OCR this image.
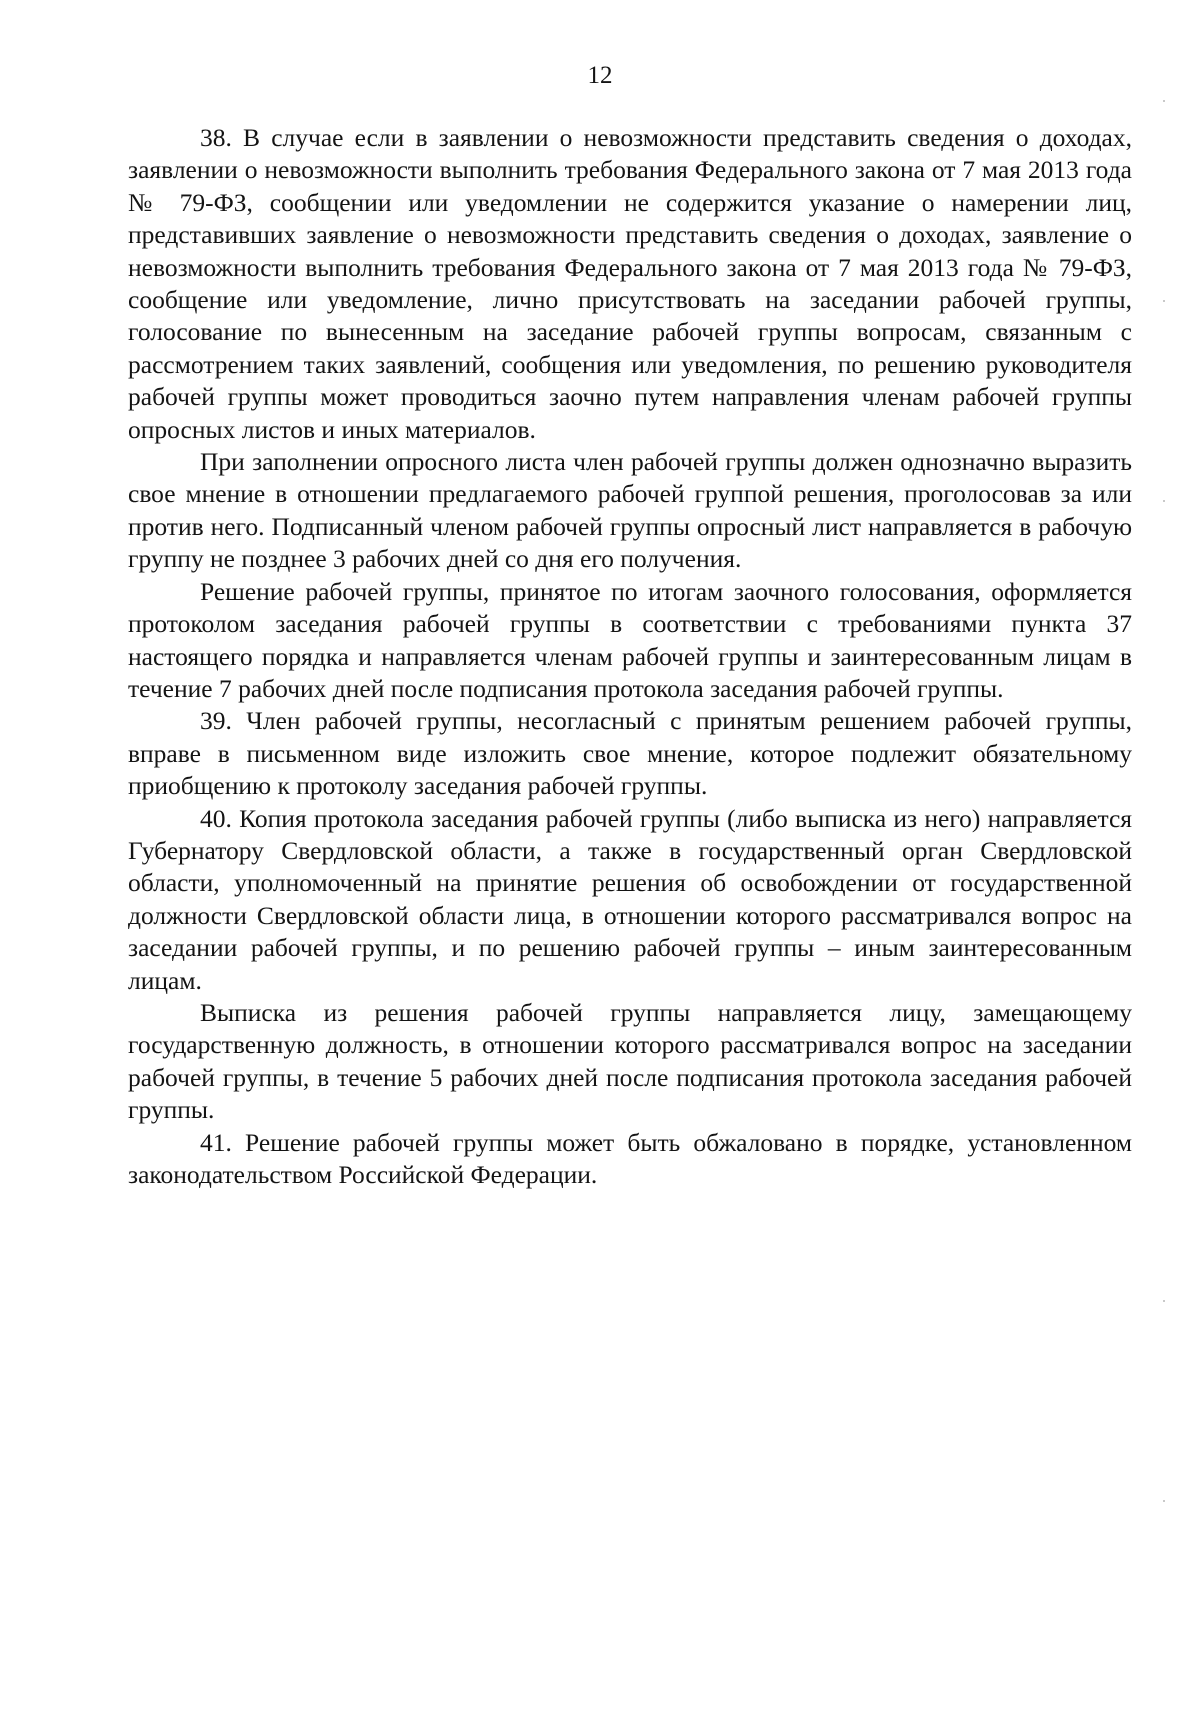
12

38. В случае если в заявлении о невозможности представить сведения о доходах, заявлении о невозможности выполнить требования Федерального закона от 7 мая 2013 года № 79-ФЗ, сообщении или уведомлении не содержится указание о намерении лиц, представивших заявление о невозможности представить сведения о доходах, заявление о невозможности выполнить требования Федерального закона от 7 мая 2013 года № 79-ФЗ, сообщение или уведомление, лично присутствовать на заседании рабочей группы, голосование по вынесенным на заседание рабочей группы вопросам, связанным с рассмотрением таких заявлений, сообщения или уведомления, по решению руководителя рабочей группы может проводиться заочно путем направления членам рабочей группы опросных листов и иных материалов.

При заполнении опросного листа член рабочей группы должен однозначно выразить свое мнение в отношении предлагаемого рабочей группой решения, проголосовав за или против него. Подписанный членом рабочей группы опросный лист направляется в рабочую группу не позднее 3 рабочих дней со дня его получения.

Решение рабочей группы, принятое по итогам заочного голосования, оформляется протоколом заседания рабочей группы в соответствии с требованиями пункта 37 настоящего порядка и направляется членам рабочей группы и заинтересованным лицам в течение 7 рабочих дней после подписания протокола заседания рабочей группы.

39. Член рабочей группы, несогласный с принятым решением рабочей группы, вправе в письменном виде изложить свое мнение, которое подлежит обязательному приобщению к протоколу заседания рабочей группы.

40. Копия протокола заседания рабочей группы (либо выписка из него) направляется Губернатору Свердловской области, а также в государственный орган Свердловской области, уполномоченный на принятие решения об освобождении от государственной должности Свердловской области лица, в отношении которого рассматривался вопрос на заседании рабочей группы, и по решению рабочей группы – иным заинтересованным лицам.

Выписка из решения рабочей группы направляется лицу, замещающему государственную должность, в отношении которого рассматривался вопрос на заседании рабочей группы, в течение 5 рабочих дней после подписания протокола заседания рабочей группы.

41. Решение рабочей группы может быть обжаловано в порядке, установленном законодательством Российской Федерации.
